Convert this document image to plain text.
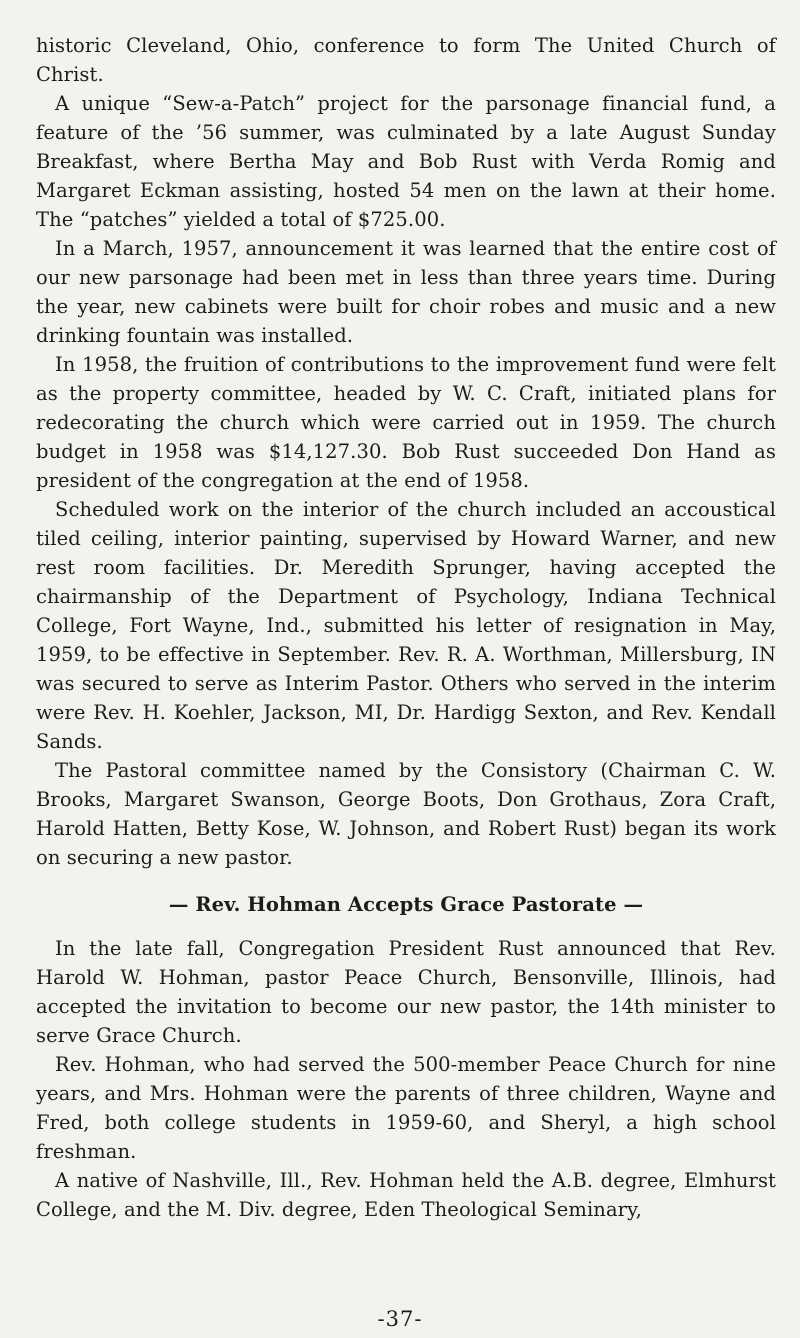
historic Cleveland, Ohio, conference to form The United Church of Christ.

A unique “Sew-a-Patch” project for the parsonage financial fund, a feature of the ’56 summer, was culminated by a late August Sunday Breakfast, where Bertha May and Bob Rust with Verda Romig and Margaret Eckman assisting, hosted 54 men on the lawn at their home. The “patches” yielded a total of $725.00.

In a March, 1957, announcement it was learned that the entire cost of our new parsonage had been met in less than three years time. During the year, new cabinets were built for choir robes and music and a new drinking fountain was installed.

In 1958, the fruition of contributions to the improvement fund were felt as the property committee, headed by W. C. Craft, initiated plans for redecorating the church which were carried out in 1959. The church budget in 1958 was $14,127.30. Bob Rust succeeded Don Hand as president of the congregation at the end of 1958.

Scheduled work on the interior of the church included an accoustical tiled ceiling, interior painting, supervised by Howard Warner, and new rest room facilities. Dr. Meredith Sprunger, having accepted the chairmanship of the Department of Psychology, Indiana Technical College, Fort Wayne, Ind., submitted his letter of resignation in May, 1959, to be effective in September. Rev. R. A. Worthman, Millersburg, IN was secured to serve as Interim Pastor. Others who served in the interim were Rev. H. Koehler, Jackson, MI, Dr. Hardigg Sexton, and Rev. Kendall Sands.

The Pastoral committee named by the Consistory (Chairman C. W. Brooks, Margaret Swanson, George Boots, Don Grothaus, Zora Craft, Harold Hatten, Betty Kose, W. Johnson, and Robert Rust) began its work on securing a new pastor.

— Rev. Hohman Accepts Grace Pastorate —

In the late fall, Congregation President Rust announced that Rev. Harold W. Hohman, pastor Peace Church, Bensonville, Illinois, had accepted the invitation to become our new pastor, the 14th minister to serve Grace Church.

Rev. Hohman, who had served the 500-member Peace Church for nine years, and Mrs. Hohman were the parents of three children, Wayne and Fred, both college students in 1959-60, and Sheryl, a high school freshman.

A native of Nashville, Ill., Rev. Hohman held the A.B. degree, Elmhurst College, and the M. Div. degree, Eden Theological Seminary,

-37-
